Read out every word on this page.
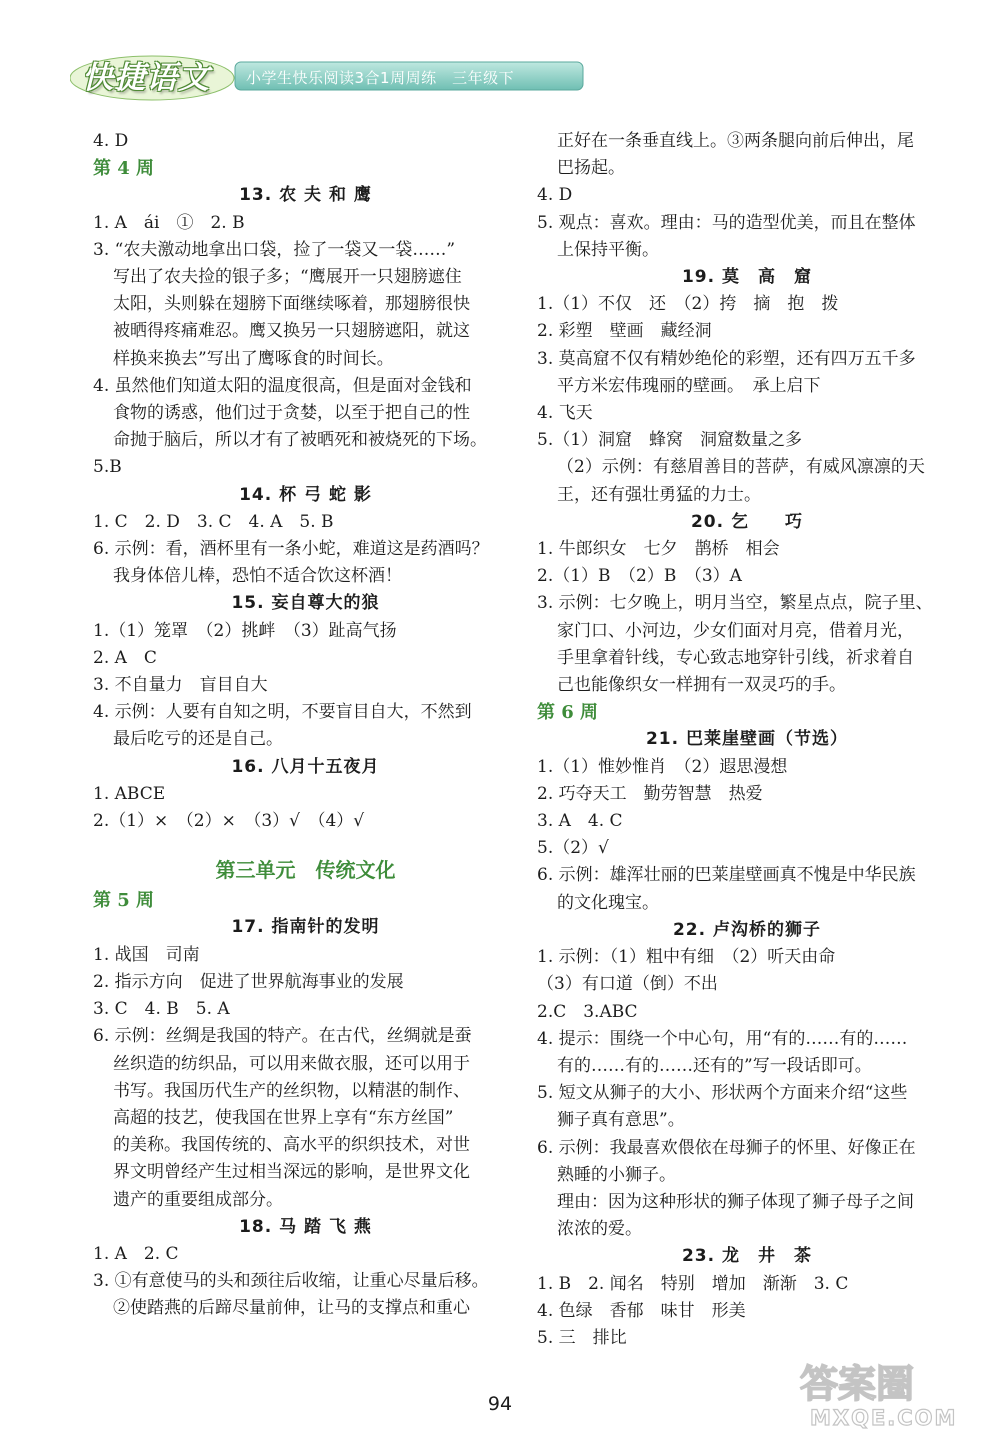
快捷语文 小学生快乐阅读3合1周周练　三年级下
4. D
第 4 周
13. 农 夫 和 鹰
1. A　ái　①　2. B
3. “农夫激动地拿出口袋，捡了一袋又一袋……”
写出了农夫捡的银子多；“鹰展开一只翅膀遮住
太阳，头则躲在翅膀下面继续啄着，那翅膀很快
被晒得疼痛难忍。鹰又换另一只翅膀遮阳，就这
样换来换去”写出了鹰啄食的时间长。
4. 虽然他们知道太阳的温度很高，但是面对金钱和
食物的诱惑，他们过于贪婪，以至于把自己的性
命抛于脑后，所以才有了被晒死和被烧死的下场。
5.B
14. 杯 弓 蛇 影
1. C　2. D　3. C　4. A　5. B
6. 示例：看，酒杯里有一条小蛇，难道这是药酒吗？
我身体倍儿棒，恐怕不适合饮这杯酒！
15. 妄自尊大的狼
1.（1）笼罩　（2）挑衅　（3）趾高气扬
2. A　C
3. 不自量力　盲目自大
4. 示例：人要有自知之明，不要盲目自大，不然到
最后吃亏的还是自己。
16. 八月十五夜月
1. ABCE
2.（1）×　（2）×　（3）√　（4）√
第三单元　传统文化
第 5 周
17. 指南针的发明
1. 战国　司南
2. 指示方向　促进了世界航海事业的发展
3. C　4. B　5. A
6. 示例：丝绸是我国的特产。在古代，丝绸就是蚕
丝织造的纺织品，可以用来做衣服，还可以用于
书写。我国历代生产的丝织物，以精湛的制作、
高超的技艺，使我国在世界上享有“东方丝国”
的美称。我国传统的、高水平的织织技术，对世
界文明曾经产生过相当深远的影响，是世界文化
遗产的重要组成部分。
18. 马 踏 飞 燕
1. A　2. C
3. ①有意使马的头和颈往后收缩，让重心尽量后移。
②使踏燕的后蹄尽量前伸，让马的支撑点和重心
正好在一条垂直线上。③两条腿向前后伸出，尾
巴扬起。
4. D
5. 观点：喜欢。理由：马的造型优美，而且在整体
上保持平衡。
19. 莫　高　窟
1.（1）不仅　还　（2）挎　摘　抱　拨
2. 彩塑　壁画　藏经洞
3. 莫高窟不仅有精妙绝伦的彩塑，还有四万五千多
平方米宏伟瑰丽的壁画。　承上启下
4. 飞天
5.（1）洞窟　蜂窝　洞窟数量之多
（2）示例：有慈眉善目的菩萨，有威风凛凛的天
王，还有强壮勇猛的力士。
20. 乞　　巧
1. 牛郎织女　七夕　鹊桥　相会
2.（1）B　（2）B　（3）A
3. 示例：七夕晚上，明月当空，繁星点点，院子里、
家门口、小河边，少女们面对月亮，借着月光，
手里拿着针线，专心致志地穿针引线，祈求着自
己也能像织女一样拥有一双灵巧的手。
第 6 周
21. 巴莱崖壁画（节选）
1.（1）惟妙惟肖　（2）遐思漫想
2. 巧夺天工　勤劳智慧　热爱
3. A　4. C
5.（2）√
6. 示例：雄浑壮丽的巴莱崖壁画真不愧是中华民族
的文化瑰宝。
22. 卢沟桥的狮子
1. 示例：（1）粗中有细　（2）听天由命
（3）有口道（倒）不出
2.C　3.ABC
4. 提示：围绕一个中心句，用“有的……有的……
有的……有的……还有的”写一段话即可。
5. 短文从狮子的大小、形状两个方面来介绍“这些
狮子真有意思”。
6. 示例：我最喜欢偎依在母狮子的怀里、好像正在
熟睡的小狮子。
理由：因为这种形状的狮子体现了狮子母子之间
浓浓的爱。
23. 龙　井　茶
1. B　2. 闻名　特别　增加　渐渐　3. C
4. 色绿　香郁　味甘　形美
5. 三　排比
94	答案圈
MXQE.COM
